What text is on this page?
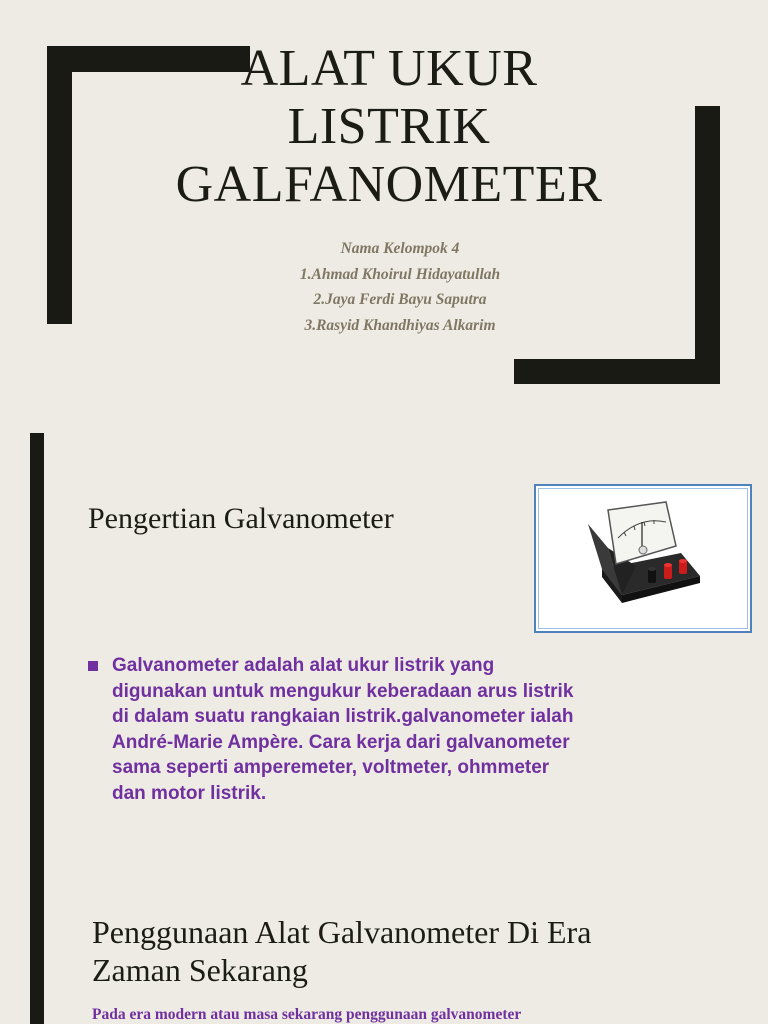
ALAT UKUR
LISTRIK
GALFANOMETER
Nama Kelompok 4
1.Ahmad Khoirul Hidayatullah
2.Jaya Ferdi Bayu Saputra
3.Rasyid Khandhiyas Alkarim
Pengertian Galvanometer
Galvanometer adalah alat ukur listrik yang
digunakan untuk mengukur keberadaan arus listrik
di dalam suatu rangkaian listrik.galvanometer ialah
André-Marie Ampère. Cara kerja dari galvanometer
sama seperti amperemeter, voltmeter, ohmmeter
dan motor listrik.
Penggunaan Alat Galvanometer Di Era
Zaman Sekarang
Pada era modern atau masa sekarang penggunaan galvanometer
